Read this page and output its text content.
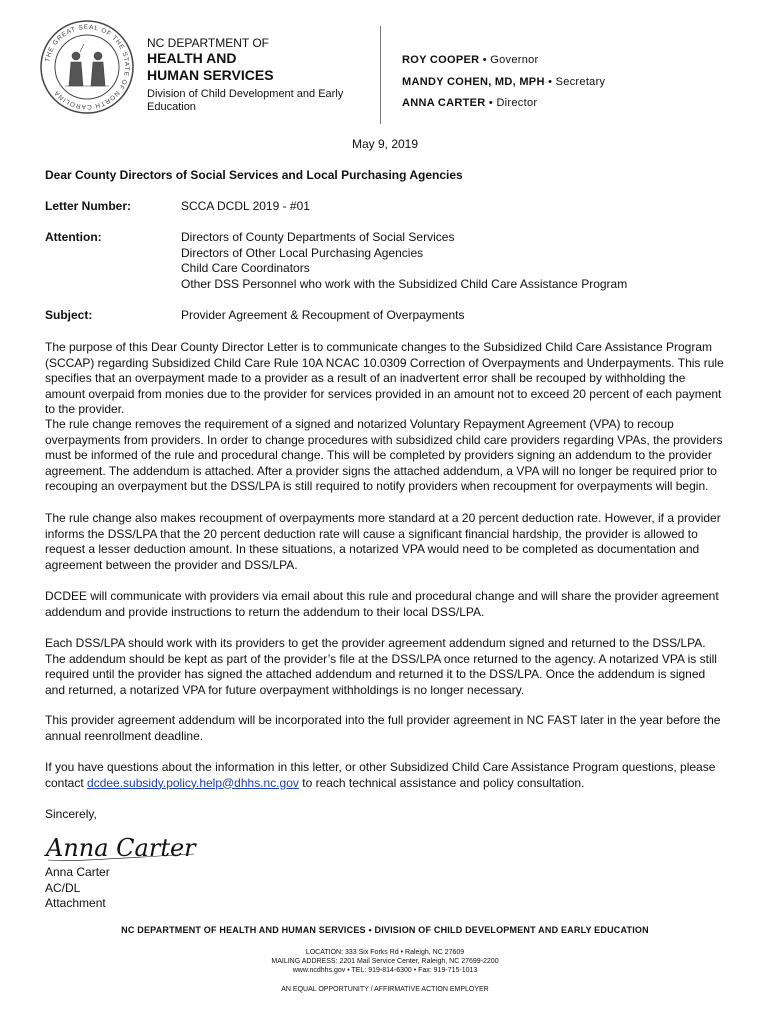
THE GREAT SEAL OF THE STATE OF NORTH CAROLINA
NC DEPARTMENT OF
HEALTH AND
HUMAN SERVICES
Division of Child Development and Early Education
ROY COOPER • Governor
MANDY COHEN, MD, MPH • Secretary
ANNA CARTER • Director
May 9, 2019
Dear County Directors of Social Services and Local Purchasing Agencies
Letter Number:	SCCA DCDL 2019 - #01
Attention:	Directors of County Departments of Social Services
Directors of Other Local Purchasing Agencies
Child Care Coordinators
Other DSS Personnel who work with the Subsidized Child Care Assistance Program
Subject:	Provider Agreement & Recoupment of Overpayments

The purpose of this Dear County Director Letter is to communicate changes to the Subsidized Child Care Assistance Program (SCCAP) regarding Subsidized Child Care Rule 10A NCAC 10.0309 Correction of Overpayments and Underpayments. This rule specifies that an overpayment made to a provider as a result of an inadvertent error shall be recouped by withholding the amount overpaid from monies due to the provider for services provided in an amount not to exceed 20 percent of each payment to the provider.

The rule change removes the requirement of a signed and notarized Voluntary Repayment Agreement (VPA) to recoup overpayments from providers. In order to change procedures with subsidized child care providers regarding VPAs, the providers must be informed of the rule and procedural change. This will be completed by providers signing an addendum to the provider agreement. The addendum is attached. After a provider signs the attached addendum, a VPA will no longer be required prior to recouping an overpayment but the DSS/LPA is still required to notify providers when recoupment for overpayments will begin.

The rule change also makes recoupment of overpayments more standard at a 20 percent deduction rate. However, if a provider informs the DSS/LPA that the 20 percent deduction rate will cause a significant financial hardship, the provider is allowed to request a lesser deduction amount. In these situations, a notarized VPA would need to be completed as documentation and agreement between the provider and DSS/LPA.

DCDEE will communicate with providers via email about this rule and procedural change and will share the provider agreement addendum and provide instructions to return the addendum to their local DSS/LPA.

Each DSS/LPA should work with its providers to get the provider agreement addendum signed and returned to the DSS/LPA. The addendum should be kept as part of the provider’s file at the DSS/LPA once returned to the agency. A notarized VPA is still required until the provider has signed the attached addendum and returned it to the DSS/LPA. Once the addendum is signed and returned, a notarized VPA for future overpayment withholdings is no longer necessary.

This provider agreement addendum will be incorporated into the full provider agreement in NC FAST later in the year before the annual reenrollment deadline.

If you have questions about the information in this letter, or other Subsidized Child Care Assistance Program questions, please contact dcdee.subsidy.policy.help@dhhs.nc.gov to reach technical assistance and policy consultation.

Sincerely,
Anna Carter
Anna Carter
AC/DL
Attachment
NC DEPARTMENT OF HEALTH AND HUMAN SERVICES • DIVISION OF CHILD DEVELOPMENT AND EARLY EDUCATION
LOCATION: 333 Six Forks Rd • Raleigh, NC 27609
MAILING ADDRESS: 2201 Mail Service Center, Raleigh, NC 27699-2200
www.ncdhhs.gov • TEL: 919-814-6300 • Fax: 919-715-1013
AN EQUAL OPPORTUNITY / AFFIRMATIVE ACTION EMPLOYER
